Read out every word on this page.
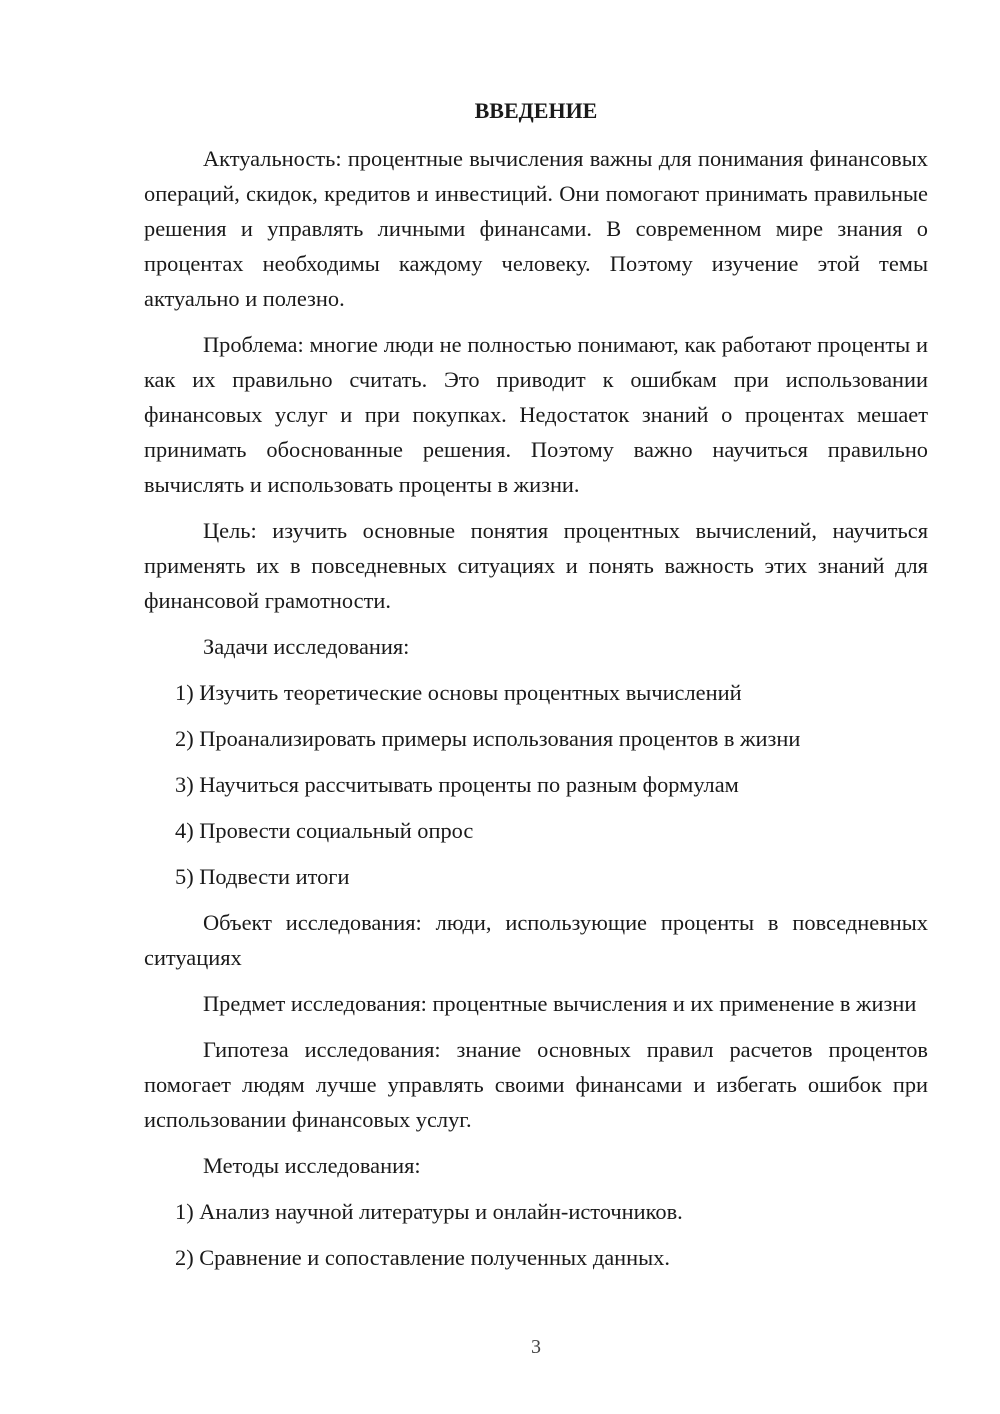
ВВЕДЕНИЕ

Актуальность: процентные вычисления важны для понимания финансовых операций, скидок, кредитов и инвестиций. Они помогают принимать правильные решения и управлять личными финансами. В современном мире знания о процентах необходимы каждому человеку. Поэтому изучение этой темы актуально и полезно.

Проблема: многие люди не полностью понимают, как работают проценты и как их правильно считать. Это приводит к ошибкам при использовании финансовых услуг и при покупках. Недостаток знаний о процентах мешает принимать обоснованные решения. Поэтому важно научиться правильно вычислять и использовать проценты в жизни.

Цель: изучить основные понятия процентных вычислений, научиться применять их в повседневных ситуациях и понять важность этих знаний для финансовой грамотности.

Задачи исследования:

1) Изучить теоретические основы процентных вычислений
2) Проанализировать примеры использования процентов в жизни
3) Научиться рассчитывать проценты по разным формулам
4) Провести социальный опрос
5) Подвести итоги

Объект исследования: люди, использующие проценты в повседневных ситуациях

Предмет исследования: процентные вычисления и их применение в жизни

Гипотеза исследования: знание основных правил расчетов процентов помогает людям лучше управлять своими финансами и избегать ошибок при использовании финансовых услуг.

Методы исследования:

1) Анализ научной литературы и онлайн-источников.
2) Сравнение и сопоставление полученных данных.
3
